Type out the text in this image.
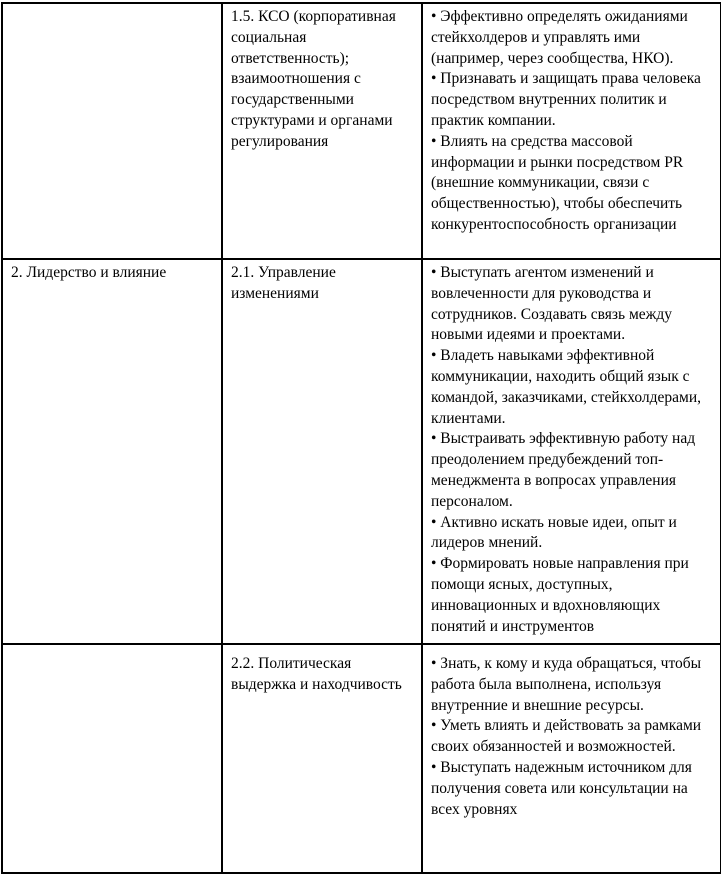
	1.5. КСО (корпоративная социальная ответственность); взаимоотношения с государственными структурами и органами регулирования	• Эффективно определять ожиданиями стейкхолдеров и управлять ими (например, через сообщества, НКО).

• Признавать и защищать права человека посредством внутренних политик и практик компании.

• Влиять на средства массовой информации и рынки посредством PR (внешние коммуникации, связи с общественностью), чтобы обеспечить конкурентоспособность организации

2. Лидерство и влияние	2.1. Управление изменениями	• Выступать агентом изменений и вовлеченности для руководства и сотрудников. Создавать связь между новыми идеями и проектами.

• Владеть навыками эффективной коммуникации, находить общий язык с командой, заказчиками, стейкхолдерами, клиентами.

• Выстраивать эффективную работу над преодолением предубеждений топ-менеджмента в вопросах управления персоналом.

• Активно искать новые идеи, опыт и лидеров мнений.

• Формировать новые направления при помощи ясных, доступных, инновационных и вдохновляющих понятий и инструментов

	2.2. Политическая выдержка и находчивость	• Знать, к кому и куда обращаться, чтобы работа была выполнена, используя внутренние и внешние ресурсы.

• Уметь влиять и действовать за рамками своих обязанностей и возможностей.

• Выступать надежным источником для получения совета или консультации на всех уровнях
